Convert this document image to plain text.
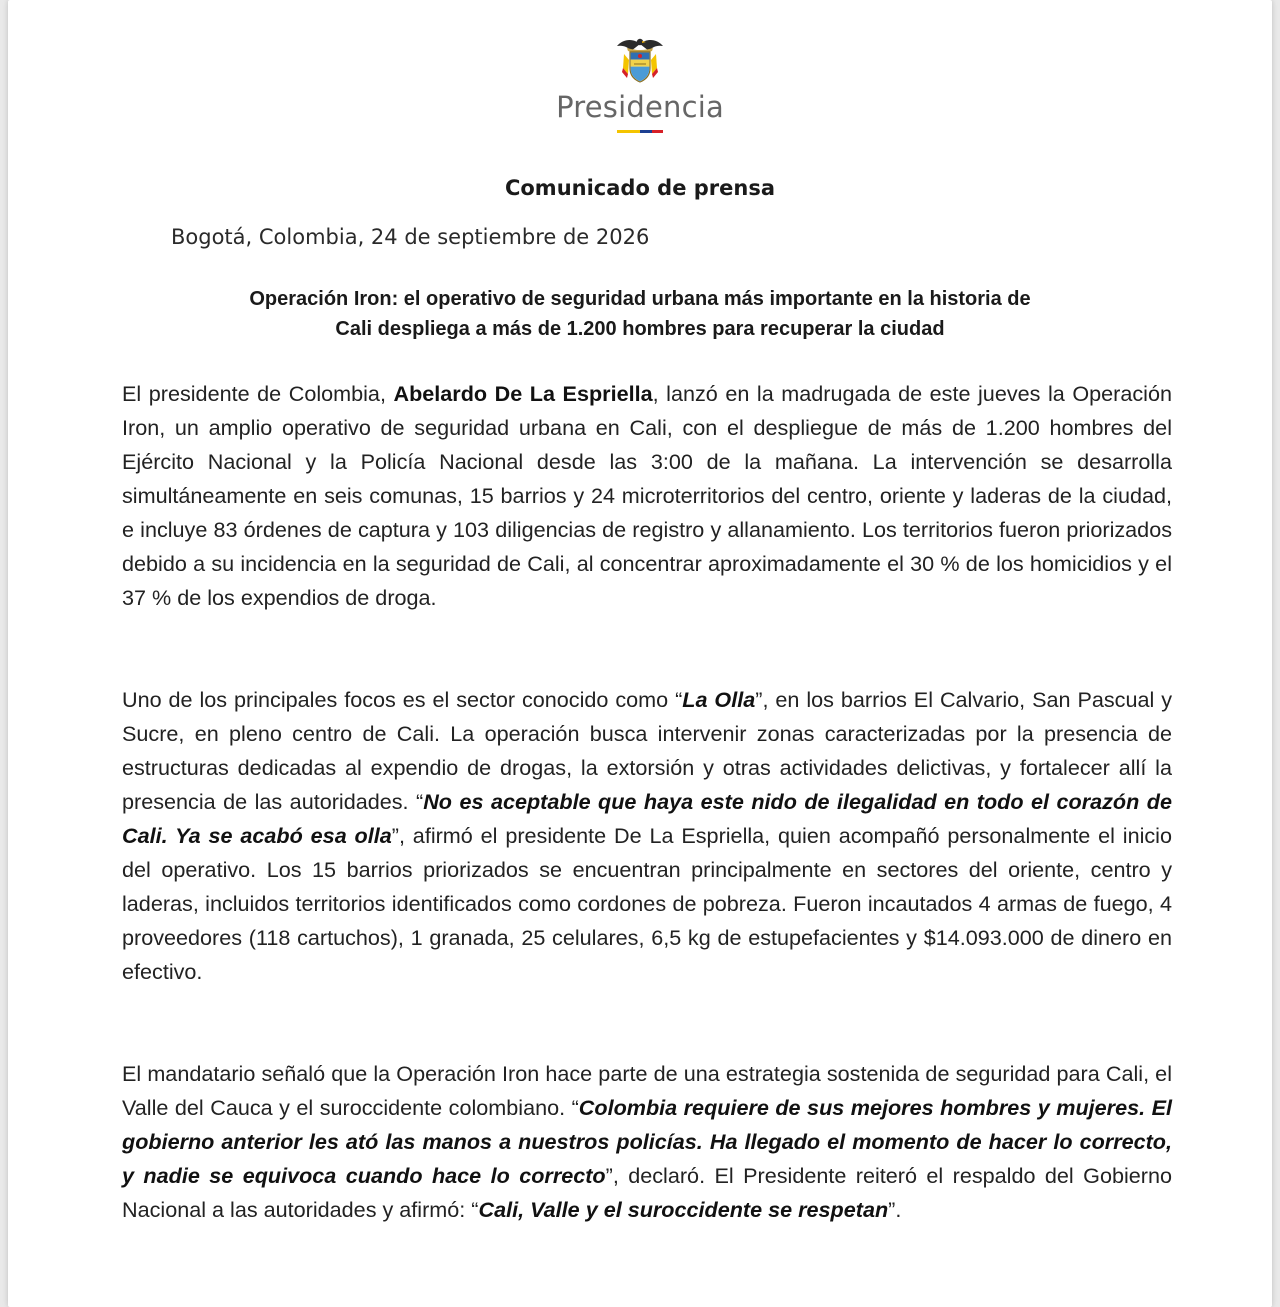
Presidencia
Comunicado de prensa
Bogotá, Colombia, 24 de septiembre de 2026
Operación Iron: el operativo de seguridad urbana más importante en la historia de
Cali despliega a más de 1.200 hombres para recuperar la ciudad

El presidente de Colombia, Abelardo De La Espriella, lanzó en la madrugada de este jueves la Operación Iron, un amplio operativo de seguridad urbana en Cali, con el despliegue de más de 1.200 hombres del Ejército Nacional y la Policía Nacional desde las 3:00 de la mañana. La intervención se desarrolla simultáneamente en seis comunas, 15 barrios y 24 microterritorios del centro, oriente y laderas de la ciudad, e incluye 83 órdenes de captura y 103 diligencias de registro y allanamiento. Los territorios fueron priorizados debido a su incidencia en la seguridad de Cali, al concentrar aproximadamente el 30 % de los homicidios y el 37 % de los expendios de droga.

Uno de los principales focos es el sector conocido como “La Olla”, en los barrios El Calvario, San Pascual y Sucre, en pleno centro de Cali. La operación busca intervenir zonas caracterizadas por la presencia de estructuras dedicadas al expendio de drogas, la extorsión y otras actividades delictivas, y fortalecer allí la presencia de las autoridades. “No es aceptable que haya este nido de ilegalidad en todo el corazón de Cali. Ya se acabó esa olla”, afirmó el presidente De La Espriella, quien acompañó personalmente el inicio del operativo. Los 15 barrios priorizados se encuentran principalmente en sectores del oriente, centro y laderas, incluidos territorios identificados como cordones de pobreza. Fueron incautados 4 armas de fuego, 4 proveedores (118 cartuchos), 1 granada, 25 celulares, 6,5 kg de estupefacientes y $14.093.000 de dinero en efectivo.

El mandatario señaló que la Operación Iron hace parte de una estrategia sostenida de seguridad para Cali, el Valle del Cauca y el suroccidente colombiano. “Colombia requiere de sus mejores hombres y mujeres. El gobierno anterior les ató las manos a nuestros policías. Ha llegado el momento de hacer lo correcto, y nadie se equivoca cuando hace lo correcto”, declaró. El Presidente reiteró el respaldo del Gobierno Nacional a las autoridades y afirmó: “Cali, Valle y el suroccidente se respetan”.
